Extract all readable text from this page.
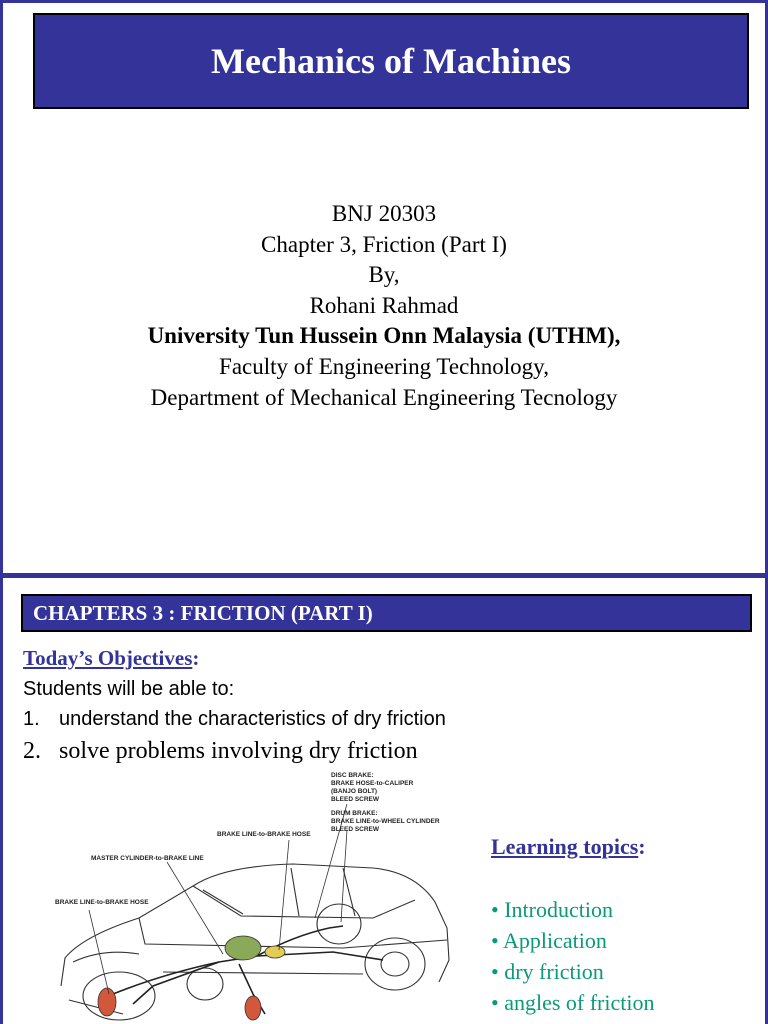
Mechanics of Machines
BNJ 20303
Chapter 3, Friction (Part I)
By,
Rohani Rahmad
University Tun Hussein Onn Malaysia (UTHM),
Faculty of Engineering Technology,
Department of Mechanical Engineering Tecnology
CHAPTERS 3 : FRICTION (PART I)
Today’s Objectives:
Students will be able to:
1. understand the characteristics of dry friction
2. solve problems involving dry friction
DISC BRAKE:
BRAKE HOSE-to-CALIPER
(BANJO BOLT)
BLEED SCREW
DRUM BRAKE:
BRAKE LINE-to-WHEEL CYLINDER
BLEED SCREW
BRAKE LINE-to-BRAKE HOSE
MASTER CYLINDER-to-BRAKE LINE
BRAKE LINE-to-BRAKE HOSE
Learning topics:
• Introduction
• Application
• dry friction
• angles of friction
